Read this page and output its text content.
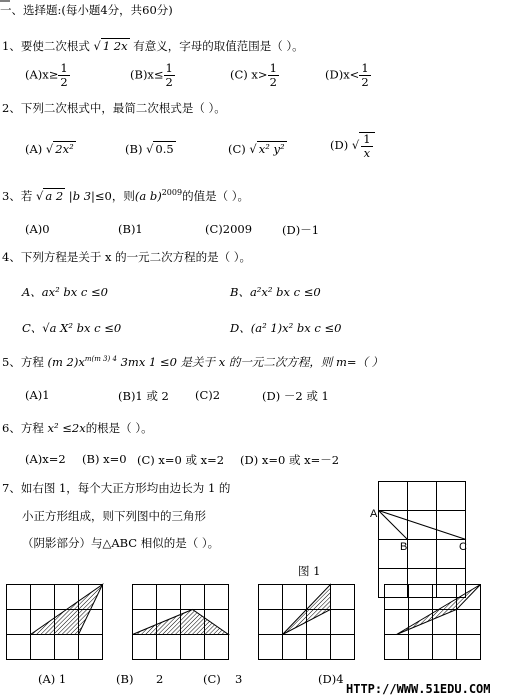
一、选择题:(每小题4分，共60分)
1、要使二次根式 √ 1 2x 有意义，字母的取值范围是（ ）。
$(A)x\ge \frac{1}{2}$	$(B)x\le \frac{1}{2}$	(C) $x> \frac{1}{2}$	$(D)x< \frac{1}{2}$
2、下列二次根式中，最简二次根式是（ ）。
(A) √ 2x²	(B) √ 0.5	(C) √ x² y²	(D) √ $\frac{1}{x}$
3、若 √ a 2 |b 3|≤0，则(a b)$^{2009}$的值是（ ）。
(A)0	(B)1	(C)2009	(D)－1
4、下列方程是关于 x 的一元二次方程的是（ ）。
A、ax² bx c ≤0	B、a²x² bx c ≤0
C、√a X² bx c ≤0	D、(a² 1)x² bx c ≤0
5、方程 (m $2)x^{m(m 3) 4}$ 3mx 1 ≤0 是关于 x 的一元二次方程，则 m=（ ）
(A)1	(B)1 或 2 (C)2	(D) －2 或 1
6、方程 x² ≤2x的根是（ ）。
(A)x=2 (B) x=0 (C) x=0 或 x=2 (D) x=0 或 x=－2
7、如右图 1，每个大正方形均由边长为 1 的
小正方形组成，则下列图中的三角形
（阴影部分）与△ABC 相似的是（ ）。
A
B	C
图 1
(A) 1	(B) 2	(C) 3	(D)4
HTTP://WWW.51EDU.COM
